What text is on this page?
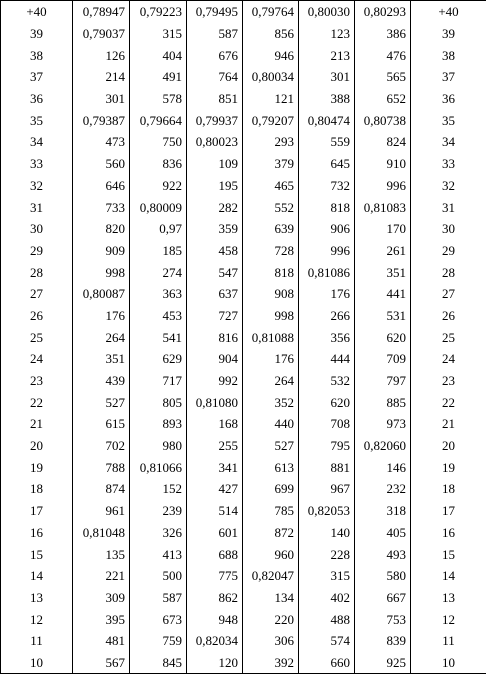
+40	0,78947	0,79223	0,79495	0,79764	0,80030	0,80293	+40
39	0,79037	315	587	856	123	386	39
38	126	404	676	946	213	476	38
37	214	491	764	0,80034	301	565	37
36	301	578	851	121	388	652	36
35	0,79387	0,79664	0,79937	0,79207	0,80474	0,80738	35
34	473	750	0,80023	293	559	824	34
33	560	836	109	379	645	910	33
32	646	922	195	465	732	996	32
31	733	0,80009	282	552	818	0,81083	31
30	820	0,97	359	639	906	170	30
29	909	185	458	728	996	261	29
28	998	274	547	818	0,81086	351	28
27	0,80087	363	637	908	176	441	27
26	176	453	727	998	266	531	26
25	264	541	816	0,81088	356	620	25
24	351	629	904	176	444	709	24
23	439	717	992	264	532	797	23
22	527	805	0,81080	352	620	885	22
21	615	893	168	440	708	973	21
20	702	980	255	527	795	0,82060	20
19	788	0,81066	341	613	881	146	19
18	874	152	427	699	967	232	18
17	961	239	514	785	0,82053	318	17
16	0,81048	326	601	872	140	405	16
15	135	413	688	960	228	493	15
14	221	500	775	0,82047	315	580	14
13	309	587	862	134	402	667	13
12	395	673	948	220	488	753	12
11	481	759	0,82034	306	574	839	11
10	567	845	120	392	660	925	10
